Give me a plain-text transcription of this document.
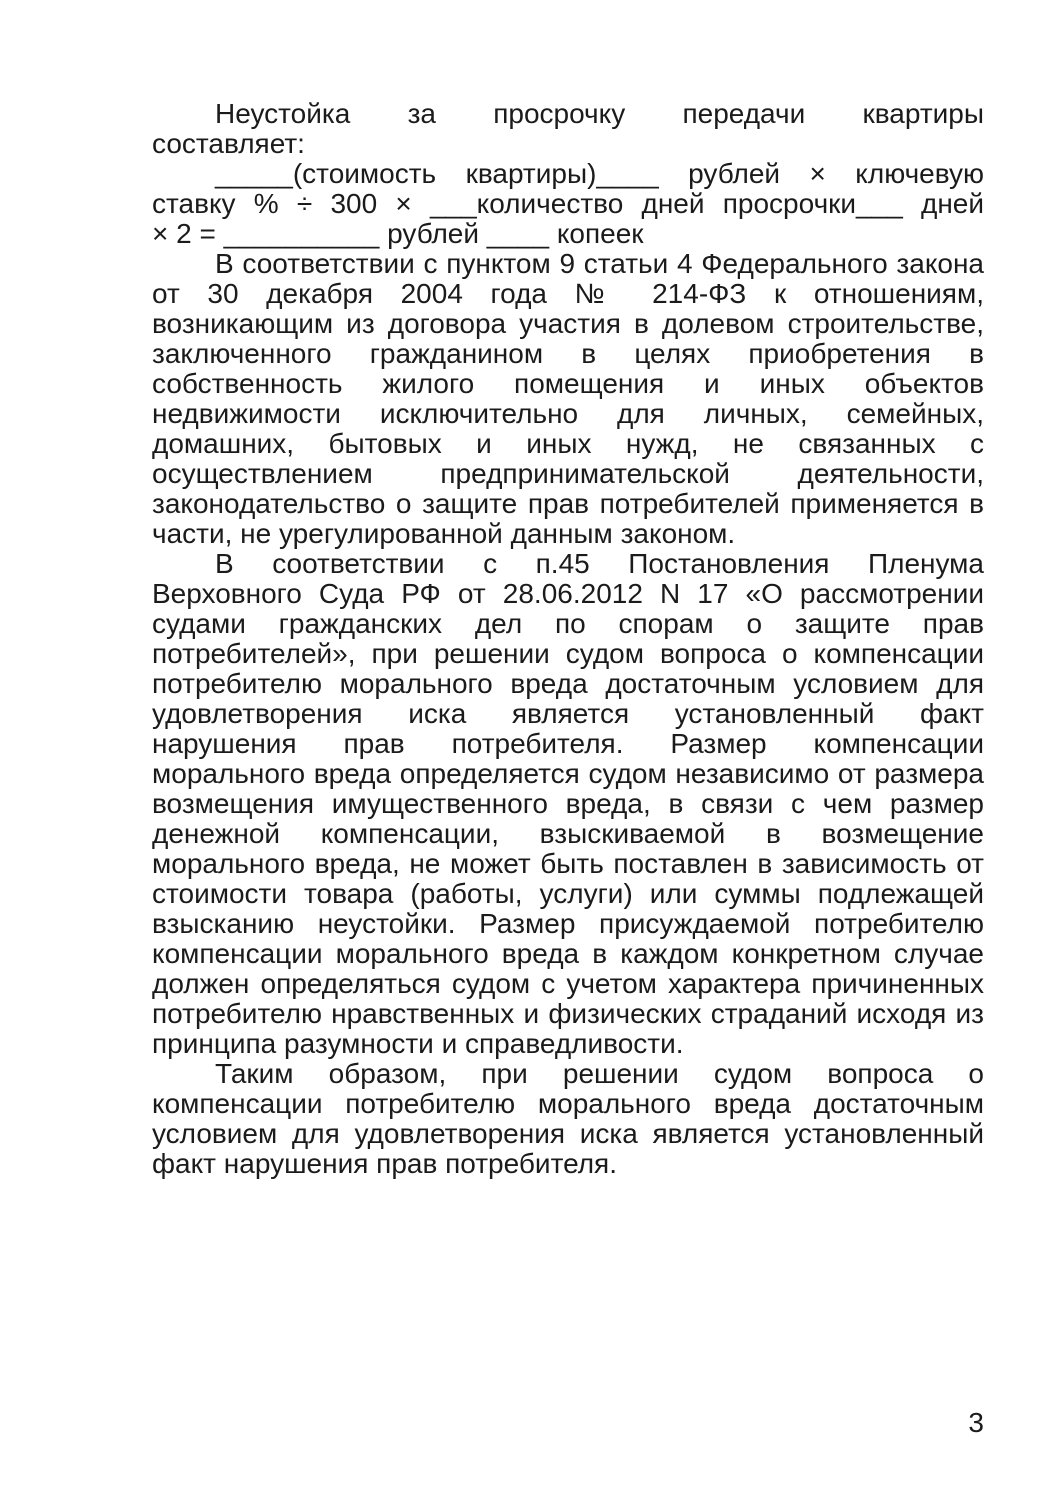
Неустойка за просрочку передачи квартиры
составляет:
_____(стоимость квартиры)____ рублей × ключевую
ставку % ÷ 300 × ___количество дней просрочки___ дней
× 2 = __________ рублей ____ копеек

В соответствии с пунктом 9 статьи 4 Федерального закона от 30 декабря 2004 года № 214-ФЗ к отношениям, возникающим из договора участия в долевом строительстве, заключенного гражданином в целях приобретения в собственность жилого помещения и иных объектов недвижимости исключительно для личных, семейных, домашних, бытовых и иных нужд, не связанных с осуществлением предпринимательской деятельности, законодательство о защите прав потребителей применяется в части, не урегулированной данным законом.

В соответствии с п.45 Постановления Пленума Верховного Суда РФ от 28.06.2012 N 17 «О рассмотрении судами гражданских дел по спорам о защите прав потребителей», при решении судом вопроса о компенсации потребителю морального вреда достаточным условием для удовлетворения иска является установленный факт нарушения прав потребителя. Размер компенсации морального вреда определяется судом независимо от размера возмещения имущественного вреда, в связи с чем размер денежной компенсации, взыскиваемой в возмещение морального вреда, не может быть поставлен в зависимость от стоимости товара (работы, услуги) или суммы подлежащей взысканию неустойки. Размер присуждаемой потребителю компенсации морального вреда в каждом конкретном случае должен определяться судом с учетом характера причиненных потребителю нравственных и физических страданий исходя из принципа разумности и справедливости.

Таким образом, при решении судом вопроса о компенсации потребителю морального вреда достаточным условием для удовлетворения иска является установленный факт нарушения прав потребителя.

3
